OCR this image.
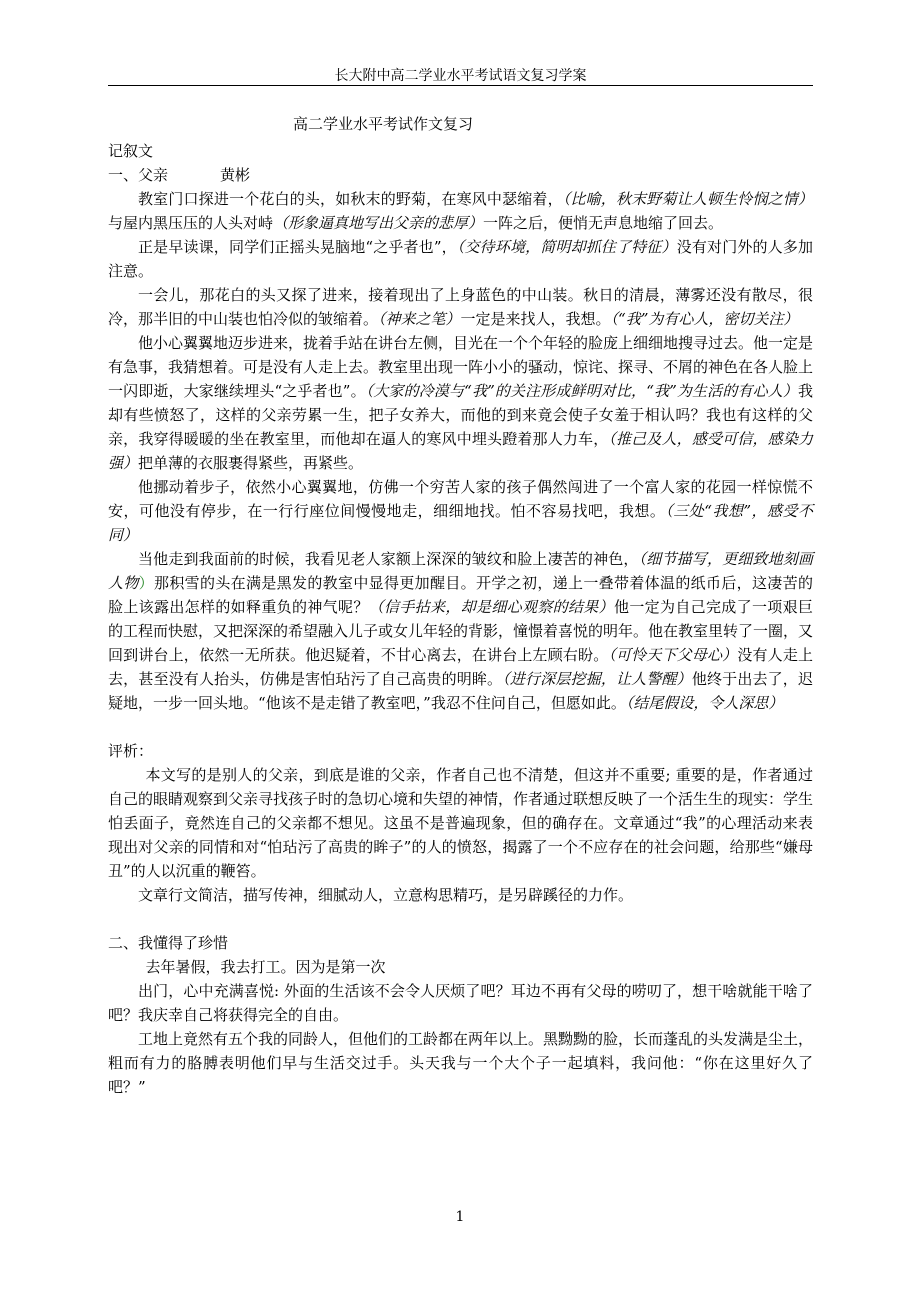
长大附中高二学业水平考试语文复习学案
高二学业水平考试作文复习

记叙文

一、父亲	黄彬

教室门口探进一个花白的头，如秋末的野菊，在寒风中瑟缩着，（比喻，秋末野菊让人顿生怜悯之情）与屋内黑压压的人头对峙（形象逼真地写出父亲的悲厚）一阵之后，便悄无声息地缩了回去。

正是早读课，同学们正摇头晃脑地“之乎者也”，（交待环境，简明却抓住了特征）没有对门外的人多加注意。

一会儿，那花白的头又探了进来，接着现出了上身蓝色的中山装。秋日的清晨，薄雾还没有散尽，很冷，那半旧的中山装也怕冷似的皱缩着。（神来之笔）一定是来找人，我想。（“我”为有心人，密切关注）

他小心翼翼地迈步进来，拢着手站在讲台左侧，目光在一个个年轻的脸庞上细细地搜寻过去。他一定是有急事，我猜想着。可是没有人走上去。教室里出现一阵小小的骚动，惊诧、探寻、不屑的神色在各人脸上一闪即逝，大家继续埋头“之乎者也”。（大家的冷漠与“我”的关注形成鲜明对比，“我”为生活的有心人）我却有些愤怒了，这样的父亲劳累一生，把子女养大，而他的到来竟会使子女羞于相认吗？我也有这样的父亲，我穿得暖暖的坐在教室里，而他却在逼人的寒风中埋头蹬着那人力车，（推己及人，感受可信，感染力强）把单薄的衣服裹得紧些，再紧些。

他挪动着步子，依然小心翼翼地，仿佛一个穷苦人家的孩子偶然闯进了一个富人家的花园一样惊慌不安，可他没有停步，在一行行座位间慢慢地走，细细地找。怕不容易找吧，我想。（三处“我想”，感受不同）

当他走到我面前的时候，我看见老人家额上深深的皱纹和脸上凄苦的神色，（细节描写，更细致地刻画人物）那积雪的头在满是黑发的教室中显得更加醒目。开学之初，递上一叠带着体温的纸币后，这凄苦的脸上该露出怎样的如释重负的神气呢？（信手拈来，却是细心观察的结果）他一定为自己完成了一项艰巨的工程而快慰，又把深深的希望融入儿子或女儿年轻的背影，憧憬着喜悦的明年。他在教室里转了一圈，又回到讲台上，依然一无所获。他迟疑着，不甘心离去，在讲台上左顾右盼。（可怜天下父母心）没有人走上去，甚至没有人抬头，仿佛是害怕玷污了自己高贵的明眸。（进行深层挖掘，让人警醒）他终于出去了，迟疑地，一步一回头地。“他该不是走错了教室吧，”我忍不住问自己，但愿如此。（结尾假设，令人深思）

评析：

本文写的是别人的父亲，到底是谁的父亲，作者自己也不清楚，但这并不重要; 重要的是，作者通过自己的眼睛观察到父亲寻找孩子时的急切心境和失望的神情，作者通过联想反映了一个活生生的现实：学生怕丢面子，竟然连自己的父亲都不想见。这虽不是普遍现象，但的确存在。文章通过“我”的心理活动来表现出对父亲的同情和对“怕玷污了高贵的眸子”的人的愤怒，揭露了一个不应存在的社会问题，给那些“嫌母丑”的人以沉重的鞭笞。

文章行文简洁，描写传神，细腻动人，立意构思精巧，是另辟蹊径的力作。

二、我懂得了珍惜

去年暑假，我去打工。因为是第一次

出门，心中充满喜悦: 外面的生活该不会令人厌烦了吧？耳边不再有父母的唠叨了，想干啥就能干啥了吧？我庆幸自己将获得完全的自由。

工地上竟然有五个我的同龄人，但他们的工龄都在两年以上。黑黝黝的脸，长而蓬乱的头发满是尘土，粗而有力的胳膊表明他们早与生活交过手。头天我与一个大个子一起填料，我问他：“你在这里好久了吧？”

1
